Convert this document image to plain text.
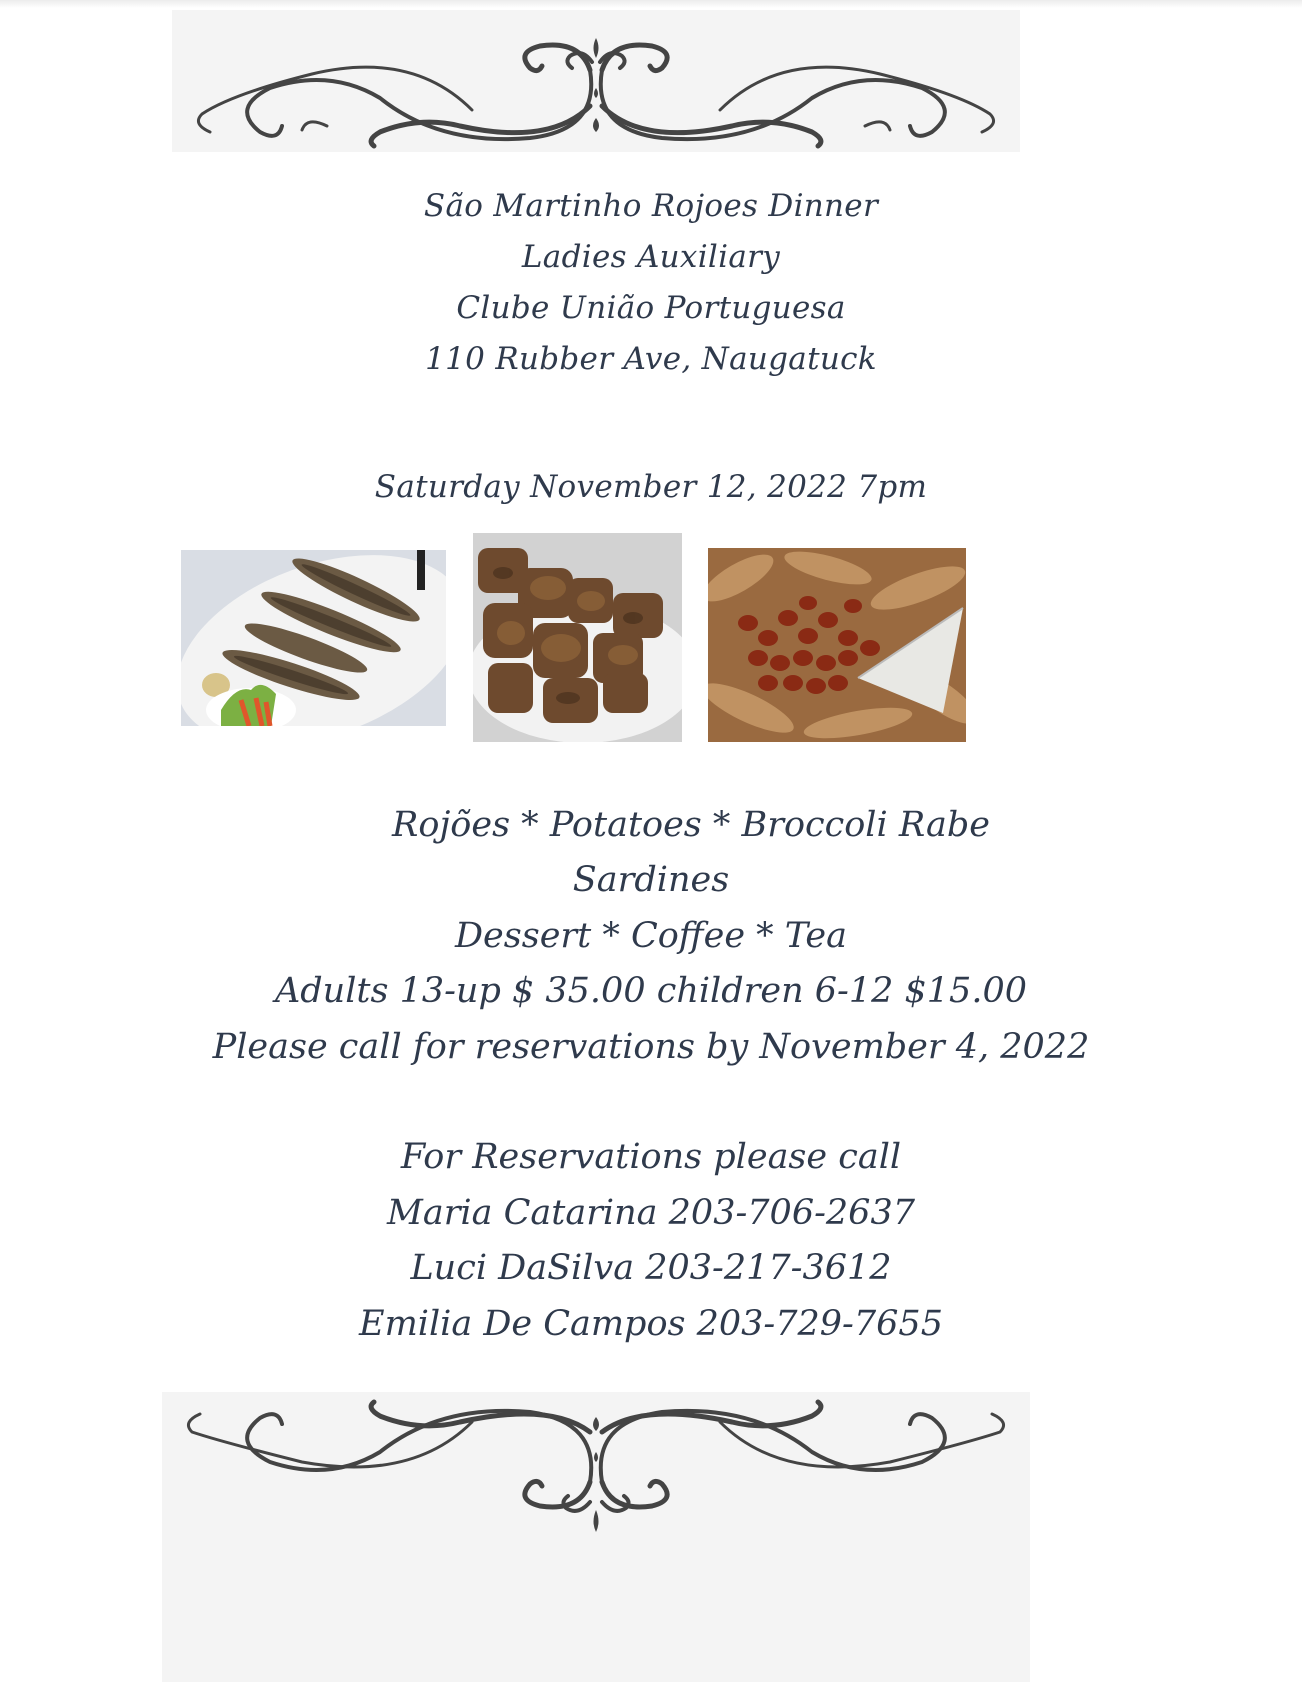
São Martinho Rojoes Dinner
Ladies Auxiliary
Clube União Portuguesa
110 Rubber Ave, Naugatuck
Saturday November 12, 2022 7pm
Rojões * Potatoes * Broccoli Rabe
Sardines
Dessert * Coffee * Tea
Adults 13-up $ 35.00 children 6-12 $15.00
Please call for reservations by November 4, 2022
For Reservations please call
Maria Catarina 203-706-2637
Luci DaSilva 203-217-3612
Emilia De Campos 203-729-7655
